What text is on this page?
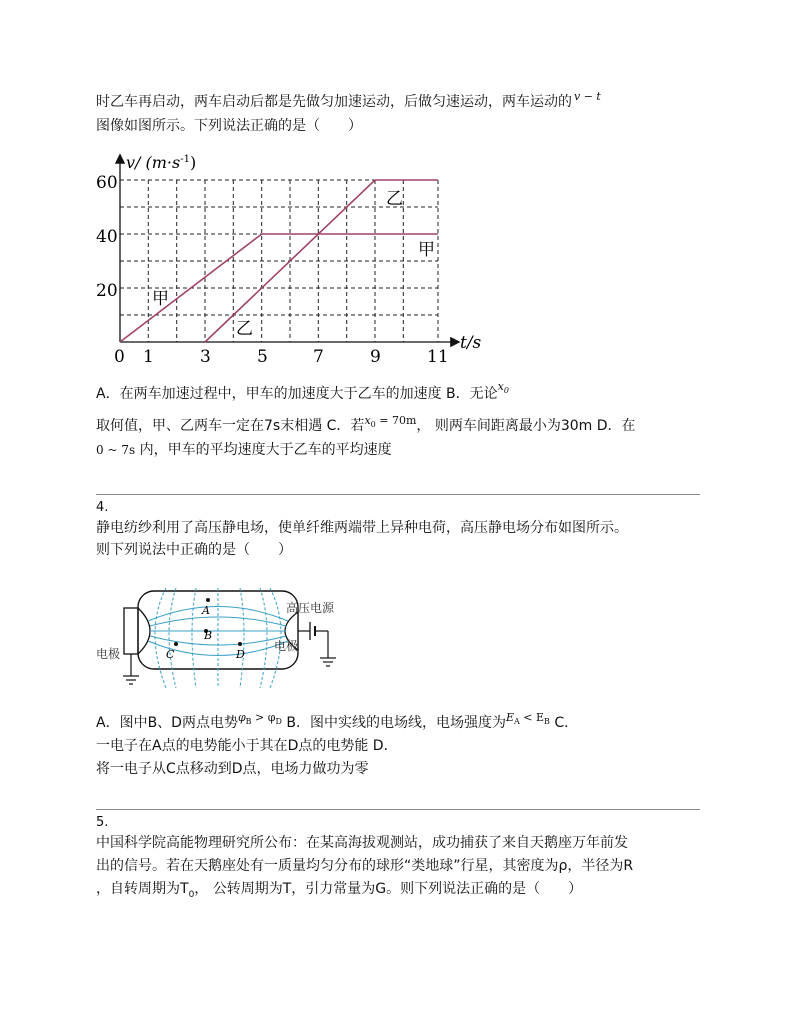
时乙车再启动，两车启动后都是先做匀加速运动，后做匀速运动，两车运动的 $^{v - t}$
图像如图所示。下列说法正确的是（　　）
v/ $(m\cdot s^{-1})$
t/s
60
40
20
0 1	3	5	7	9	11
甲
乙
甲
乙
A．在两车加速过程中，甲车的加速度大于乙车的加速度 B．无论$^{x_0}$
取何值，甲、乙两车一定在7s末相遇 C．若$^{x_0 = 70m}$， 则两车间距离最小为30m D．在
0 ~ 7s 内，甲车的平均速度大于乙车的平均速度
4.
静电纺纱利用了高压静电场，使单纤维两端带上异种电荷，高压静电场分布如图所示。
则下列说法中正确的是（　　）
A
B
C	D
电极
电极
高压电源
A．图中B、D两点电势$^{\varphi_B > \varphi_D}$ B．图中实线的电场线，电场强度为$^{E_A < E_B}$ C．
一电子在A点的电势能小于其在D点的电势能 D．
将一电子从C点移动到D点，电场力做功为零
5.
中国科学院高能物理研究所公布：在某高海拔观测站，成功捕获了来自天鹅座万年前发
出的信号。若在天鹅座处有一质量均匀分布的球形“类地球”行星，其密度为ρ，半径为R
，自转周期为$T_0$， 公转周期为T，引力常量为G。则下列说法正确的是（　　）
